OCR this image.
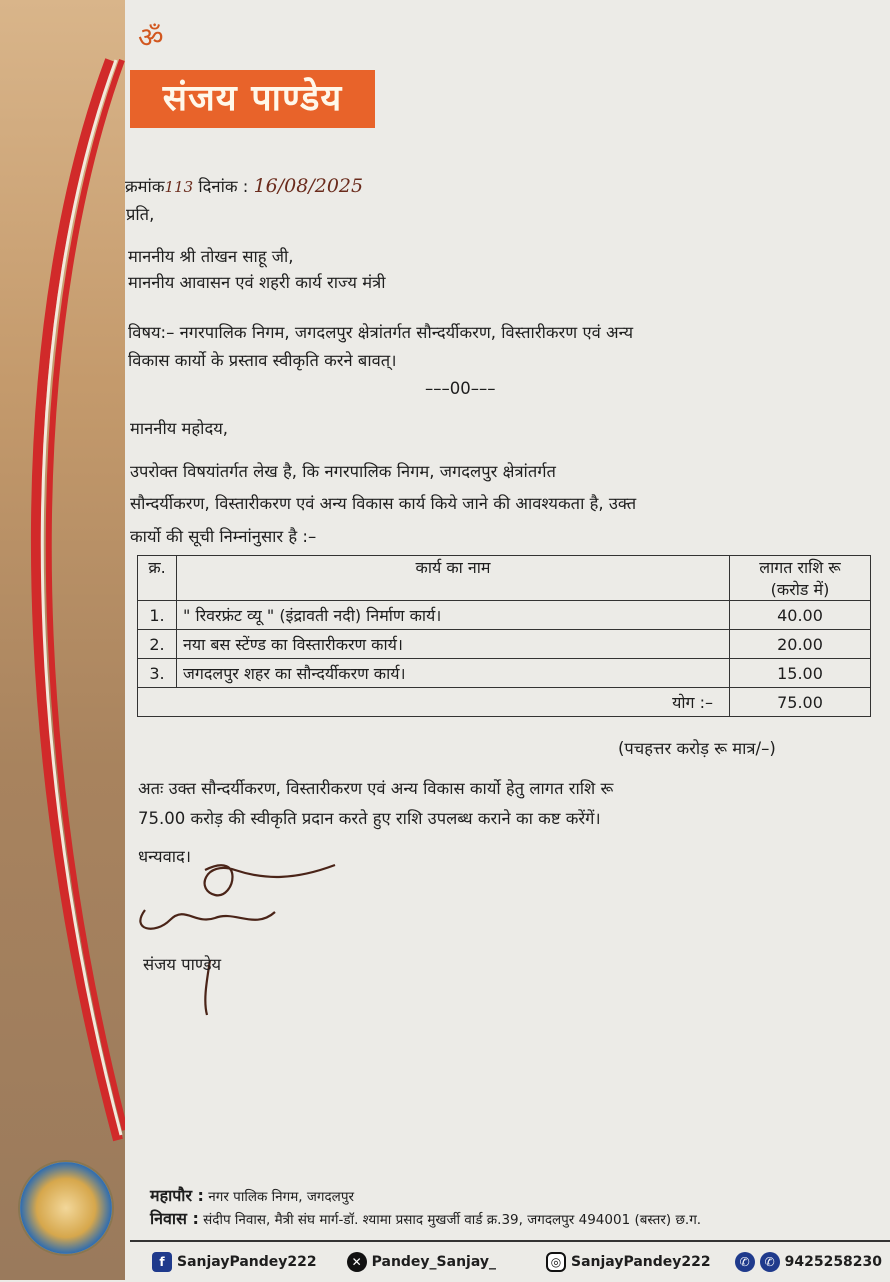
ॐ
संजय पाण्डेय
क्रमांक113 दिनांक : 16/08/2025
प्रति,
माननीय श्री तोखन साहू जी,
माननीय आवासन एवं शहरी कार्य राज्य मंत्री
विषय:– नगरपालिक निगम, जगदलपुर क्षेत्रांतर्गत सौन्दर्यीकरण, विस्तारीकरण एवं अन्य
विकास कार्यो के प्रस्ताव स्वीकृति करने बावत्।
–––00–––
माननीय महोदय,
उपरोक्त विषयांतर्गत लेख है, कि नगरपालिक निगम, जगदलपुर क्षेत्रांतर्गत
सौन्दर्यीकरण, विस्तारीकरण एवं अन्य विकास कार्य किये जाने की आवश्यकता है, उक्त
कार्यो की सूची निम्नांनुसार है :–
क्र.	कार्य का नाम	लागत राशि रू
(करोड में)

1.	" रिवरफ्रंट व्यू " (इंद्रावती नदी) निर्माण कार्य।	40.00
2.	नया बस स्टेंण्ड का विस्तारीकरण कार्य।	20.00
3.	जगदलपुर शहर का सौन्दर्यीकरण कार्य।	15.00
योग :–		75.00
(पचहत्तर करोड़ रू मात्र/–)
अतः उक्त सौन्दर्यीकरण, विस्तारीकरण एवं अन्य विकास कार्यो हेतु लागत राशि रू
75.00 करोड़ की स्वीकृति प्रदान करते हुए राशि उपलब्ध कराने का कष्ट करेंगें।
धन्यवाद।
संजय पाण्डेय
महापौर : नगर पालिक निगम, जगदलपुर
निवास : संदीप निवास, मैत्री संघ मार्ग-डॉ. श्यामा प्रसाद मुखर्जी वार्ड क्र.39, जगदलपुर 494001 (बस्तर) छ.ग.
f SanjayPandey222	✕ Pandey_Sanjay_	◎ SanjayPandey222	✆	✆ 9425258230
